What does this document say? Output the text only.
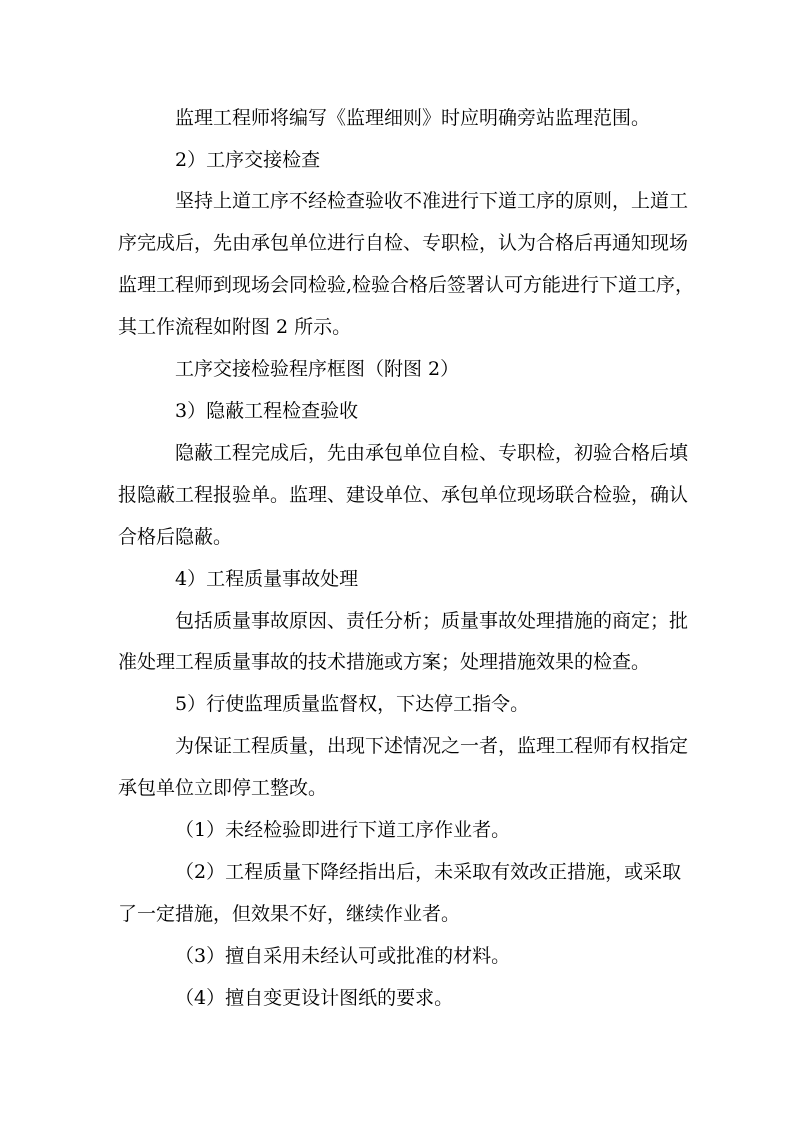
监理工程师将编写《监理细则》时应明确旁站监理范围。
2）工序交接检查
坚持上道工序不经检查验收不准进行下道工序的原则，上道工
序完成后，先由承包单位进行自检、专职检，认为合格后再通知现场
监理工程师到现场会同检验,检验合格后签署认可方能进行下道工序，
其工作流程如附图 2 所示。
工序交接检验程序框图（附图 2）
3）隐蔽工程检查验收
隐蔽工程完成后，先由承包单位自检、专职检，初验合格后填
报隐蔽工程报验单。监理、建设单位、承包单位现场联合检验，确认
合格后隐蔽。
4）工程质量事故处理
包括质量事故原因、责任分析；质量事故处理措施的商定；批
准处理工程质量事故的技术措施或方案；处理措施效果的检查。
5）行使监理质量监督权，下达停工指令。
为保证工程质量，出现下述情况之一者，监理工程师有权指定
承包单位立即停工整改。
（1）未经检验即进行下道工序作业者。
（2）工程质量下降经指出后，未采取有效改正措施，或采取
了一定措施，但效果不好，继续作业者。
（3）擅自采用未经认可或批准的材料。
（4）擅自变更设计图纸的要求。
